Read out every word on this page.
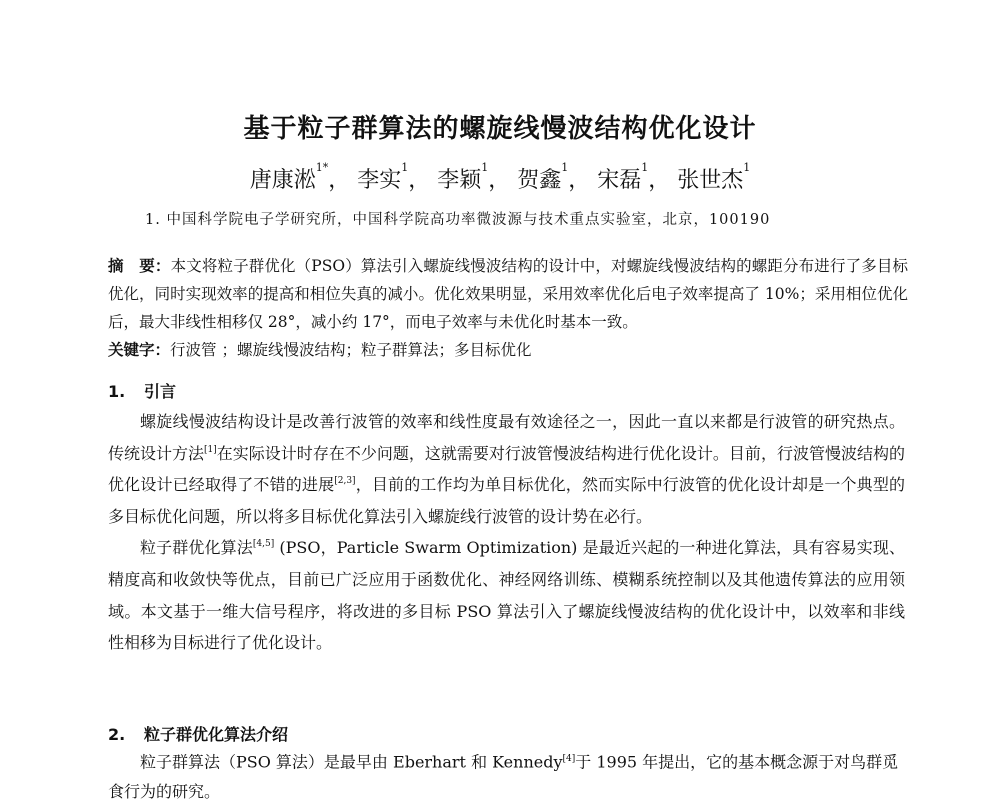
基于粒子群算法的螺旋线慢波结构优化设计
唐康淞$^{1*}$， 李实$^1$， 李颖$^1$， 贺鑫$^1$， 宋磊$^1$， 张世杰$^1$
1. 中国科学院电子学研究所，中国科学院高功率微波源与技术重点实验室，北京，100190
摘　要：本文将粒子群优化（PSO）算法引入螺旋线慢波结构的设计中，对螺旋线慢波结构的螺距分布进行了多目标优化，同时实现效率的提高和相位失真的减小。优化效果明显，采用效率优化后电子效率提高了 10%；采用相位优化后，最大非线性相移仅 28°，减小约 17°，而电子效率与未优化时基本一致。
关键字：行波管 ；螺旋线慢波结构；粒子群算法；多目标优化
1. 引言

螺旋线慢波结构设计是改善行波管的效率和线性度最有效途径之一，因此一直以来都是行波管的研究热点。传统设计方法[1]在实际设计时存在不少问题，这就需要对行波管慢波结构进行优化设计。目前，行波管慢波结构的优化设计已经取得了不错的进展[2,3]，目前的工作均为单目标优化，然而实际中行波管的优化设计却是一个典型的多目标优化问题，所以将多目标优化算法引入螺旋线行波管的设计势在必行。

粒子群优化算法[4,5] (PSO，Particle Swarm Optimization) 是最近兴起的一种进化算法，具有容易实现、精度高和收敛快等优点，目前已广泛应用于函数优化、神经网络训练、模糊系统控制以及其他遗传算法的应用领域。本文基于一维大信号程序，将改进的多目标 PSO 算法引入了螺旋线慢波结构的优化设计中，以效率和非线性相移为目标进行了优化设计。

2. 粒子群优化算法介绍
粒子群算法（PSO 算法）是最早由 Eberhart 和 Kennedy[4]于 1995 年提出，它的基本概念源于对鸟群觅食行为的研究。
